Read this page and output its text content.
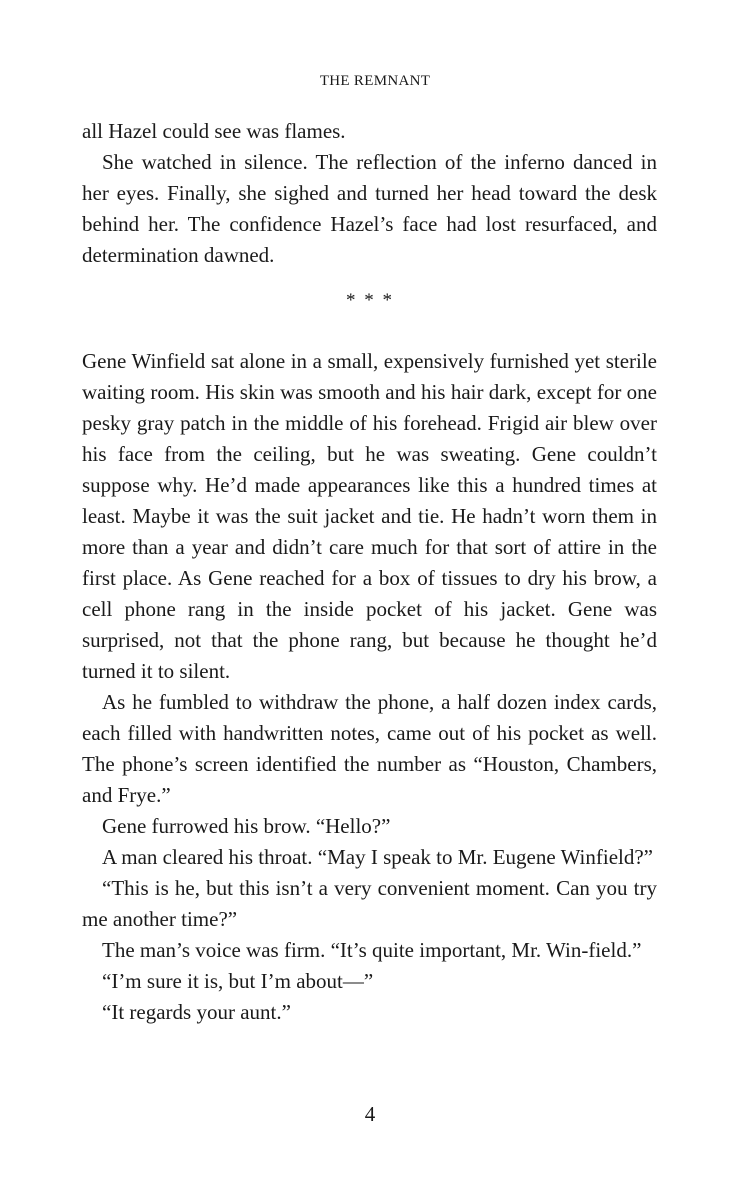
THE REMNANT

all Hazel could see was flames.

She watched in silence. The reflection of the inferno danced in her eyes. Finally, she sighed and turned her head toward the desk behind her. The confidence Hazel’s face had lost resurfaced, and determination dawned.

* * *

Gene Winfield sat alone in a small, expensively furnished yet sterile waiting room. His skin was smooth and his hair dark, except for one pesky gray patch in the middle of his forehead. Frigid air blew over his face from the ceiling, but he was sweating. Gene couldn’t suppose why. He’d made appearances like this a hundred times at least. Maybe it was the suit jacket and tie. He hadn’t worn them in more than a year and didn’t care much for that sort of attire in the first place. As Gene reached for a box of tissues to dry his brow, a cell phone rang in the inside pocket of his jacket. Gene was surprised, not that the phone rang, but because he thought he’d turned it to silent.

As he fumbled to withdraw the phone, a half dozen index cards, each filled with handwritten notes, came out of his pocket as well. The phone’s screen identified the number as “Houston, Chambers, and Frye.”

Gene furrowed his brow. “Hello?”

A man cleared his throat. “May I speak to Mr. Eugene Winfield?”

“This is he, but this isn’t a very convenient moment. Can you try me another time?”

The man’s voice was firm. “It’s quite important, Mr. Win-field.”

“I’m sure it is, but I’m about—”

“It regards your aunt.”

4
